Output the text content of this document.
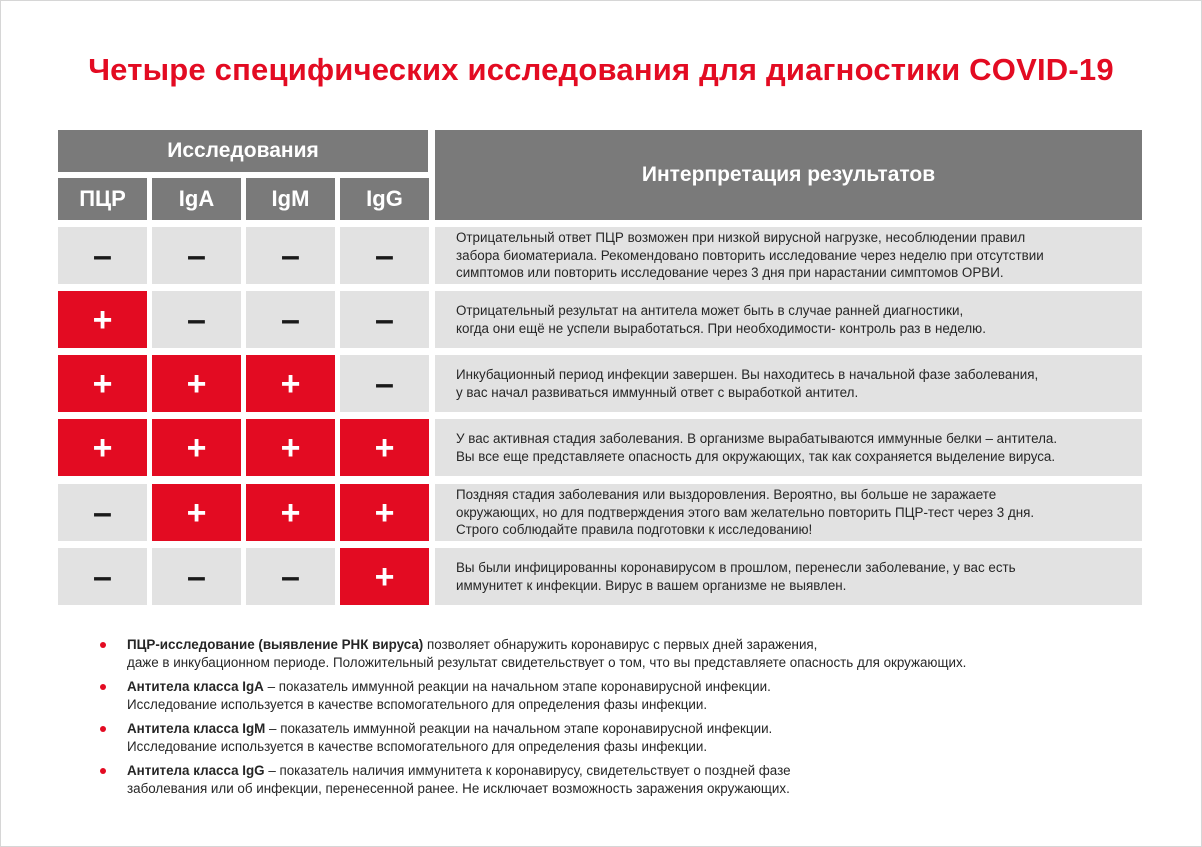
Четыре специфических исследования для диагностики COVID-19
Исследования
Интерпретация результатов
ПЦР	IgA	IgM	IgG
–	–	–	–	Отрицательный ответ ПЦР возможен при низкой вирусной нагрузке, несоблюдении правил
забора биоматериала. Рекомендовано повторить исследование через неделю при отсутствии
симптомов или повторить исследование через 3 дня при нарастании симптомов ОРВИ.
+	–	–	–	Отрицательный результат на антитела может быть в случае ранней диагностики,
когда они ещё не успели выработаться. При необходимости- контроль раз в неделю.
+	+	+	–	Инкубационный период инфекции завершен. Вы находитесь в начальной фазе заболевания,
у вас начал развиваться иммунный ответ с выработкой антител.
+	+	+	+	У вас активная стадия заболевания. В организме вырабатываются иммунные белки – антитела.
Вы все еще представляете опасность для окружающих, так как сохраняется выделение вируса.
–	+	+	+	Поздняя стадия заболевания или выздоровления. Вероятно, вы больше не заражаете
окружающих, но для подтверждения этого вам желательно повторить ПЦР-тест через 3 дня.
Строго соблюдайте правила подготовки к исследованию!
–	–	–	+	Вы были инфицированны коронавирусом в прошлом, перенесли заболевание, у вас есть
иммунитет к инфекции. Вирус в вашем организме не выявлен.
ПЦР-исследование (выявление РНК вируса) позволяет обнаружить коронавирус с первых дней заражения,
даже в инкубационном периоде. Положительный результат свидетельствует о том, что вы представляете опасность для окружающих.
Антитела класса IgA – показатель иммунной реакции на начальном этапе коронавирусной инфекции.
Исследование используется в качестве вспомогательного для определения фазы инфекции.
Антитела класса IgM – показатель иммунной реакции на начальном этапе коронавирусной инфекции.
Исследование используется в качестве вспомогательного для определения фазы инфекции.
Антитела класса IgG – показатель наличия иммунитета к коронавирусу, свидетельствует о поздней фазе
заболевания или об инфекции, перенесенной ранее. Не исключает возможность заражения окружающих.
